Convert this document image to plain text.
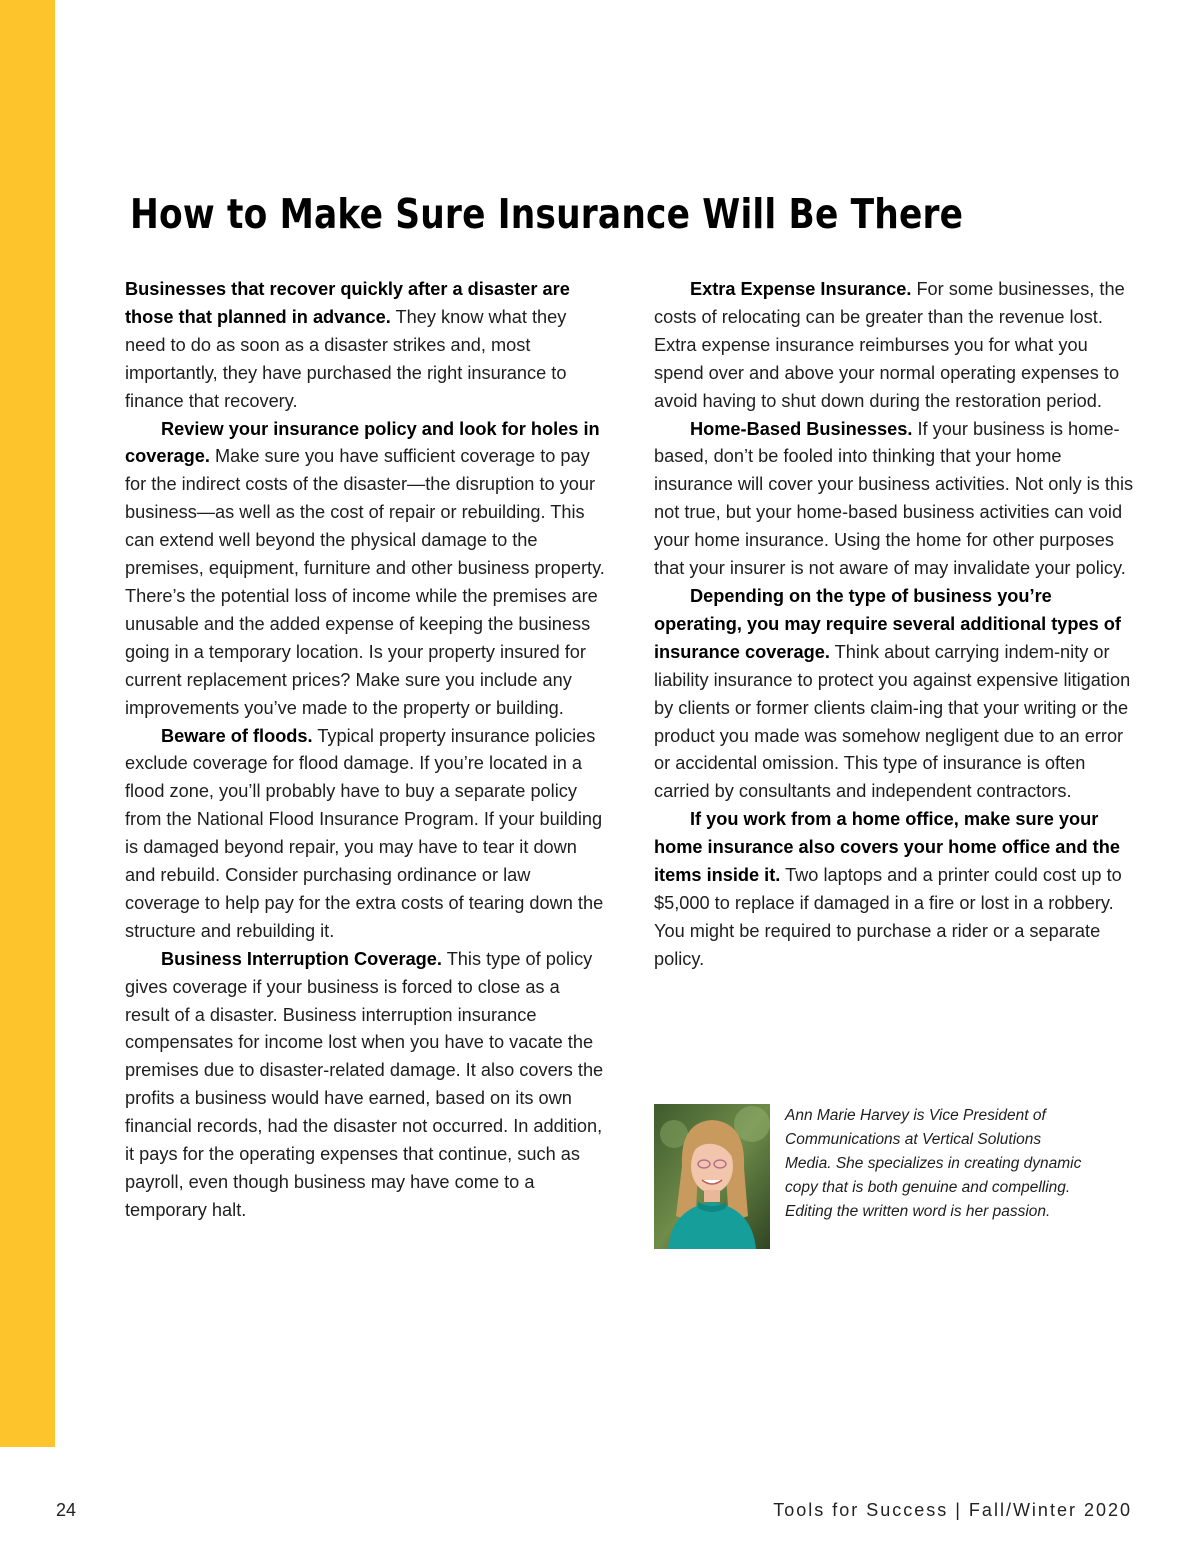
How to Make Sure Insurance Will Be There

Businesses that recover quickly after a disaster are those that planned in advance. They know what they need to do as soon as a disaster strikes and, most importantly, they have purchased the right insurance to finance that recovery.

Review your insurance policy and look for holes in coverage. Make sure you have sufficient coverage to pay for the indirect costs of the disaster—the disruption to your business—as well as the cost of repair or rebuilding. This can extend well beyond the physical damage to the premises, equipment, furniture and other business property. There’s the potential loss of income while the premises are unusable and the added expense of keeping the business going in a temporary location. Is your property insured for current replacement prices? Make sure you include any improvements you’ve made to the property or building.

Beware of floods. Typical property insurance policies exclude coverage for flood damage. If you’re located in a flood zone, you’ll probably have to buy a separate policy from the National Flood Insurance Program. If your building is damaged beyond repair, you may have to tear it down and rebuild. Consider purchasing ordinance or law coverage to help pay for the extra costs of tearing down the structure and rebuilding it.

Business Interruption Coverage. This type of policy gives coverage if your business is forced to close as a result of a disaster. Business interruption insurance compensates for income lost when you have to vacate the premises due to disaster-related damage. It also covers the profits a business would have earned, based on its own financial records, had the disaster not occurred. In addition, it pays for the operating expenses that continue, such as payroll, even though business may have come to a temporary halt.

Extra Expense Insurance. For some businesses, the costs of relocating can be greater than the revenue lost. Extra expense insurance reimburses you for what you spend over and above your normal operating expenses to avoid having to shut down during the restoration period.

Home-Based Businesses. If your business is home-based, don’t be fooled into thinking that your home insurance will cover your business activities. Not only is this not true, but your home-based business activities can void your home insurance. Using the home for other purposes that your insurer is not aware of may invalidate your policy.

Depending on the type of business you’re operating, you may require several additional types of insurance coverage. Think about carrying indem-nity or liability insurance to protect you against expensive litigation by clients or former clients claim-ing that your writing or the product you made was somehow negligent due to an error or accidental omission. This type of insurance is often carried by consultants and independent contractors.

If you work from a home office, make sure your home insurance also covers your home office and the items inside it. Two laptops and a printer could cost up to $5,000 to replace if damaged in a fire or lost in a robbery. You might be required to purchase a rider or a separate policy.

Ann Marie Harvey is Vice President of Communications at Vertical Solutions Media. She specializes in creating dynamic copy that is both genuine and compelling. Editing the written word is her passion.

24	Tools for Success | Fall/Winter 2020
